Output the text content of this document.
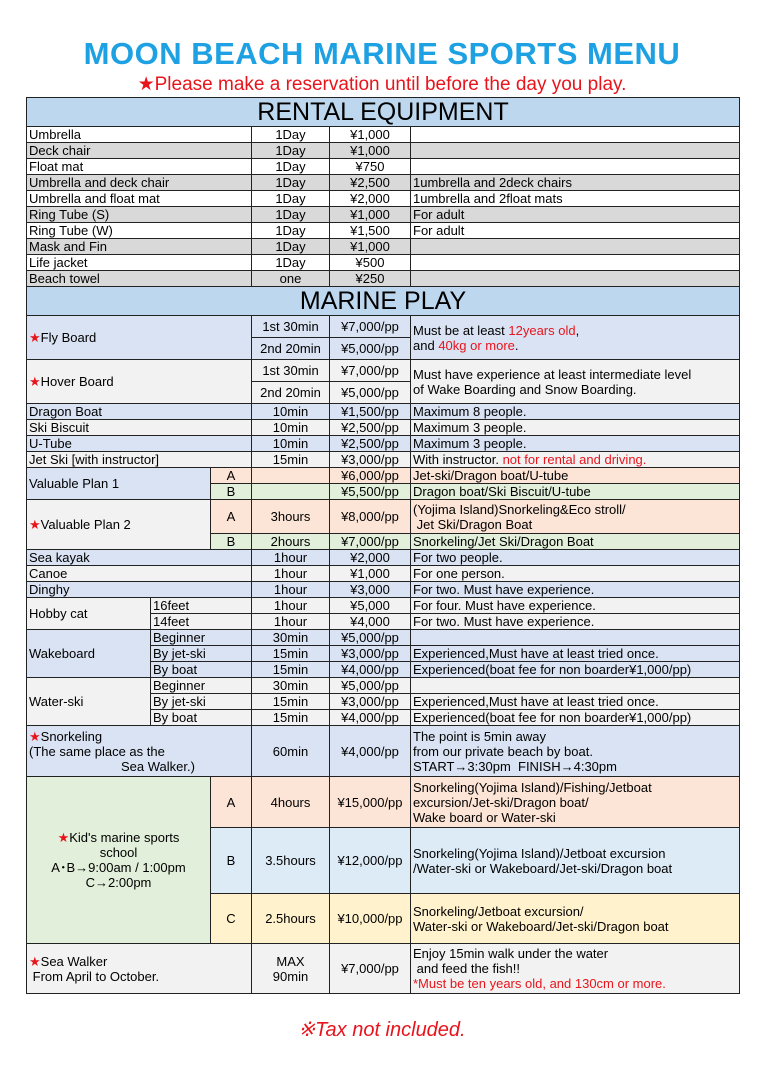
MOON BEACH MARINE SPORTS MENU
★Please make a reservation until before the day you play.
RENTAL EQUIPMENT					
Umbrella			1Day	¥1,000	
Deck chair			1Day	¥1,000	
Float mat			1Day	¥750	
Umbrella and deck chair			1Day	¥2,500	1umbrella and 2deck chairs
Umbrella and float mat			1Day	¥2,000	1umbrella and 2float mats
Ring Tube (S)			1Day	¥1,000	For adult
Ring Tube (W)			1Day	¥1,500	For adult
Mask and Fin			1Day	¥1,000	
Life jacket			1Day	¥500	
Beach towel			one	¥250	
MARINE PLAY					
★Fly Board			1st 30min	¥7,000/pp	Must be at least 12years old,
and 40kg or more.
			2nd 20min	¥5,000/pp	
★Hover Board			1st 30min	¥7,000/pp	Must have experience at least intermediate level
of Wake Boarding and Snow Boarding.
			2nd 20min	¥5,000/pp	
Dragon Boat			10min	¥1,500/pp	Maximum 8 people.
Ski Biscuit			10min	¥2,500/pp	Maximum 3 people.
U-Tube			10min	¥2,500/pp	Maximum 3 people.
Jet Ski [with instructor]			15min	¥3,000/pp	With instructor. not for rental and driving.
Valuable Plan 1		A		¥6,000/pp	Jet-ski/Dragon boat/U-tube
		B		¥5,500/pp	Dragon boat/Ski Biscuit/U-tube
★Valuable Plan 2		A	3hours	¥8,000/pp	(Yojima Island)Snorkeling&Eco stroll/
Jet Ski/Dragon Boat
		B	2hours	¥7,000/pp	Snorkeling/Jet Ski/Dragon Boat
Sea kayak			1hour	¥2,000	For two people.
Canoe			1hour	¥1,000	For one person.
Dinghy			1hour	¥3,000	For two. Must have experience.
Hobby cat	16feet		1hour	¥5,000	For four. Must have experience.
	14feet		1hour	¥4,000	For two. Must have experience.
Wakeboard	Beginner		30min	¥5,000/pp	
	By jet-ski		15min	¥3,000/pp	Experienced,Must have at least tried once.
	By boat		15min	¥4,000/pp	Experienced(boat fee for non boarder¥1,000/pp)
Water-ski	Beginner		30min	¥5,000/pp	
	By jet-ski		15min	¥3,000/pp	Experienced,Must have at least tried once.
	By boat		15min	¥4,000/pp	Experienced(boat fee for non boarder¥1,000/pp)
★Snorkeling
(The same place as the
Sea Walker.)			60min	¥4,000/pp	The point is 5min away
from our private beach by boat.
START→3:30pm  FINISH→4:30pm
★Kid's marine sports
school
A･B→9:00am / 1:00pm
C→2:00pm		A	4hours	¥15,000/pp	Snorkeling(Yojima Island)/Fishing/Jetboat
excursion/Jet-ski/Dragon boat/
Wake board or Water-ski
		B	3.5hours	¥12,000/pp	Snorkeling(Yojima Island)/Jetboat excursion
/Water-ski or Wakeboard/Jet-ski/Dragon boat
		C	2.5hours	¥10,000/pp	Snorkeling/Jetboat excursion/
Water-ski or Wakeboard/Jet-ski/Dragon boat
★Sea Walker
From April to October.			MAX
90min	¥7,000/pp	Enjoy 15min walk under the water
and feed the fish!!
*Must be ten years old, and 130cm or more.
※Tax not included.
